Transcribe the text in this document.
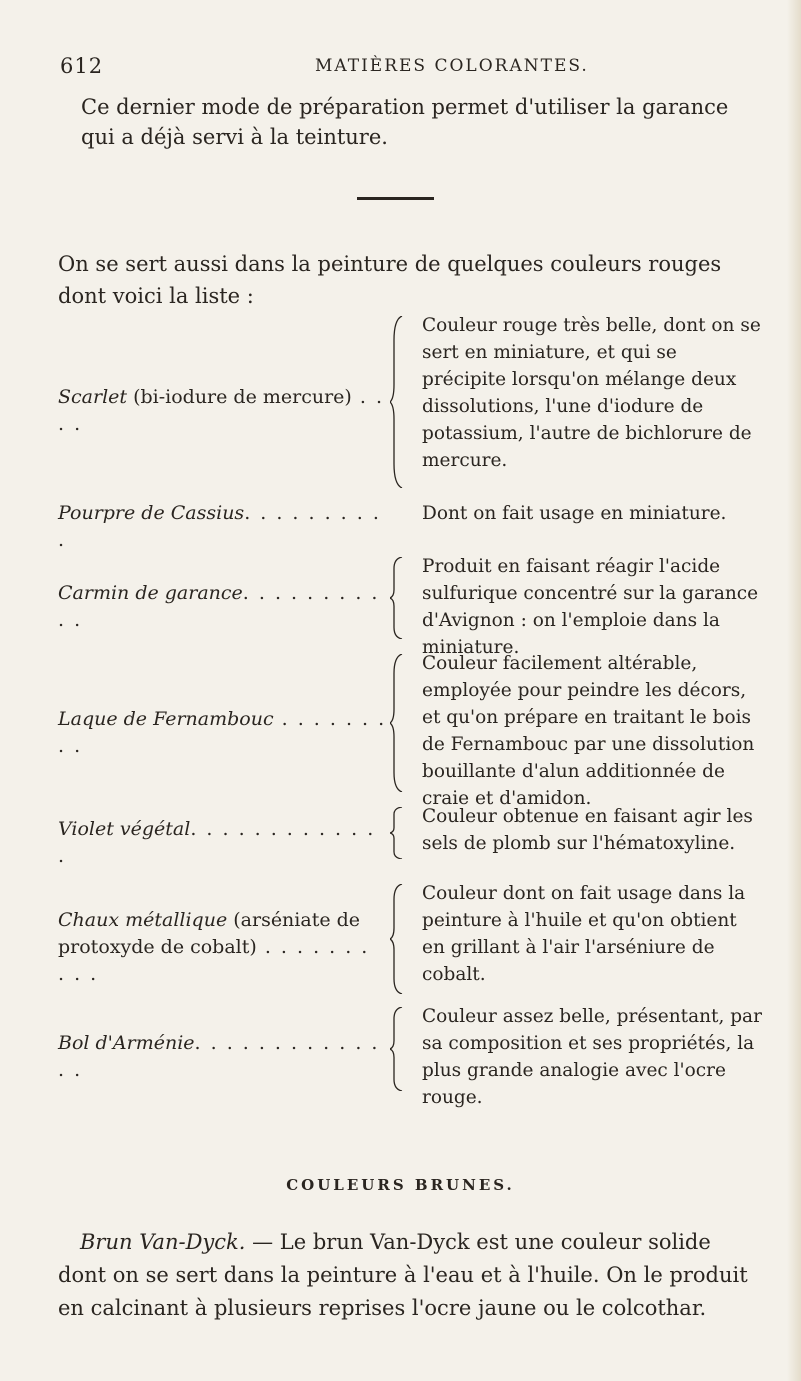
612	MATIÈRES COLORANTES.

Ce dernier mode de préparation permet d'utiliser la garance qui a déjà servi à la teinture.

On se sert aussi dans la peinture de quelques couleurs rouges dont voici la liste :

Scarlet (bi-iodure de mercure) . . . .

Couleur rouge très belle, dont on se sert en miniature, et qui se précipite lorsqu'on mélange deux dissolutions, l'une d'iodure de potassium, l'autre de bichlorure de mercure.

Pourpre de Cassius. . . . . . . . . .

Dont on fait usage en miniature.

Carmin de garance. . . . . . . . . . .

Produit en faisant réagir l'acide sulfurique concentré sur la garance d'Avignon : on l'emploie dans la miniature.

Laque de Fernambouc . . . . . . . . .

Couleur facilement altérable, employée pour peindre les décors, et qu'on prépare en traitant le bois de Fernambouc par une dissolution bouillante d'alun additionnée de craie et d'amidon.

Violet végétal. . . . . . . . . . . . .

Couleur obtenue en faisant agir les sels de plomb sur l'hématoxyline.

Chaux métallique (arséniate de protoxyde de cobalt) . . . . . . . . . .

Couleur dont on fait usage dans la peinture à l'huile et qu'on obtient en grillant à l'air l'arséniure de cobalt.

Bol d'Arménie. . . . . . . . . . . . . .

Couleur assez belle, présentant, par sa composition et ses propriétés, la plus grande analogie avec l'ocre rouge.

COULEURS BRUNES.

Brun Van-Dyck. — Le brun Van-Dyck est une couleur solide dont on se sert dans la peinture à l'eau et à l'huile. On le produit en calcinant à plusieurs reprises l'ocre jaune ou le colcothar.
